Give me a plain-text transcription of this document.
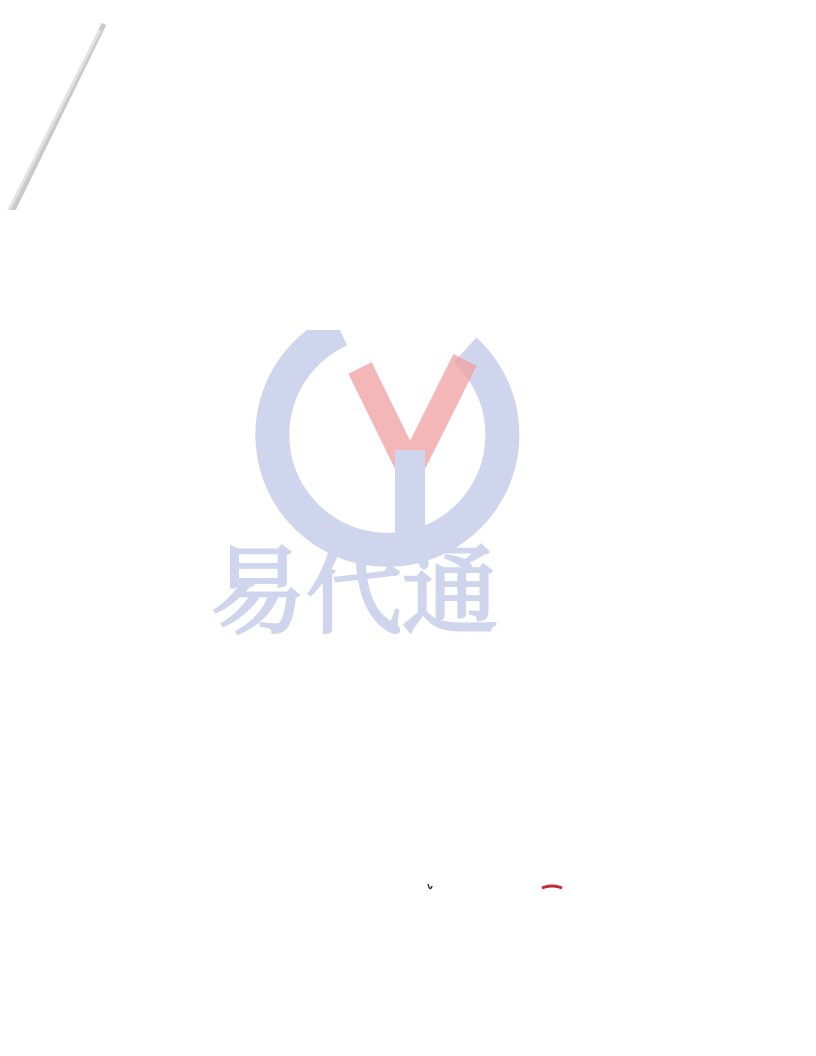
易代通
